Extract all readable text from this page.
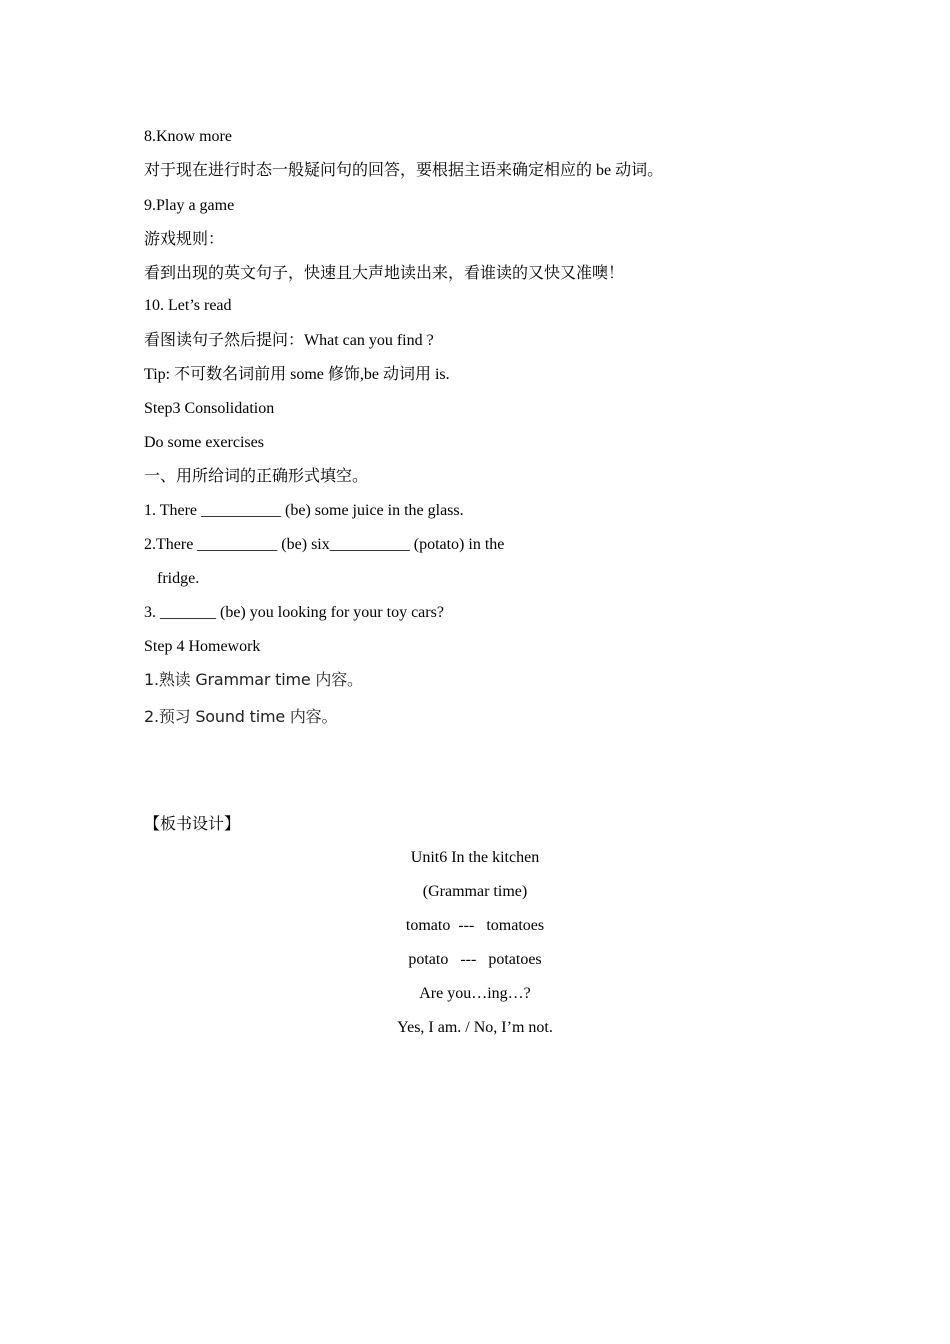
8.Know more
对于现在进行时态一般疑问句的回答，要根据主语来确定相应的 be 动词。
9.Play a game
游戏规则：
看到出现的英文句子，快速且大声地读出来，看谁读的又快又准噢！
10. Let’s read
看图读句子然后提问：What can you find ?
Tip: 不可数名词前用 some 修饰,be 动词用 is.
Step3 Consolidation
Do some exercises
一、用所给词的正确形式填空。
1. There __________ (be) some juice in the glass.
2.There __________ (be) six__________ (potato) in the
fridge.
3. _______ (be) you looking for your toy cars?
Step 4 Homework
1.熟读 Grammar time 内容。
2.预习 Sound time 内容。
【板书设计】
Unit6 In the kitchen
(Grammar time)
tomato  ---   tomatoes
potato   ---   potatoes
Are you…ing…?
Yes, I am. / No, I’m not.
